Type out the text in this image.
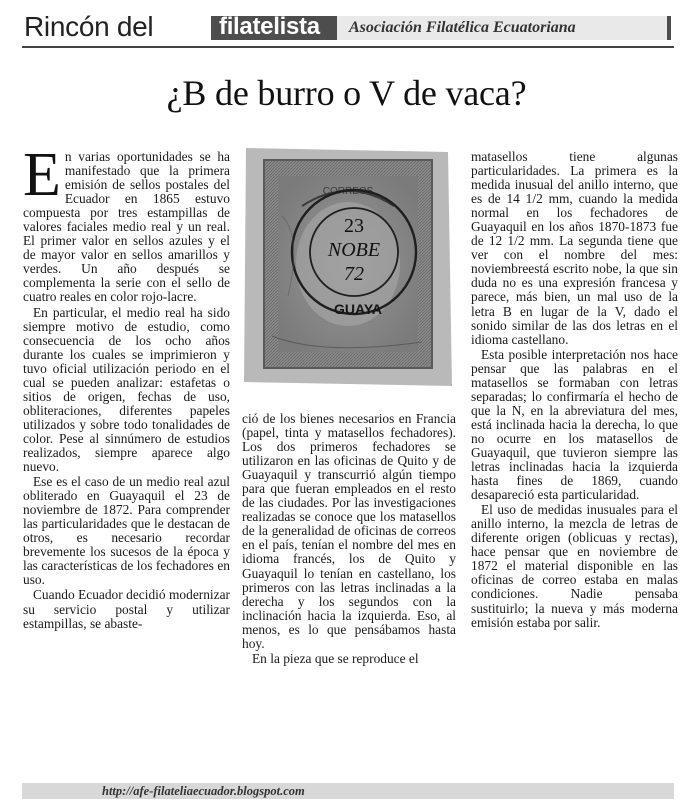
Rincón del	filatelista	Asociación Filatélica Ecuatoriana
¿B de burro o V de vaca?

En varias oportunidades se ha manifestado que la primera emisión de sellos postales del Ecuador en 1865 estuvo compuesta por tres estampillas de valores faciales medio real y un real. El primer valor en sellos azules y el de mayor valor en sellos amarillos y verdes. Un año después se complementa la serie con el sello de cuatro reales en color rojo-lacre.

En particular, el medio real ha sido siempre motivo de estudio, como consecuencia de los ocho años durante los cuales se imprimieron y tuvo oficial utilización periodo en el cual se pueden analizar: estafetas o sitios de origen, fechas de uso, obliteraciones, diferentes papeles utilizados y sobre todo tonalidades de color. Pese al sinnúmero de estudios realizados, siempre aparece algo nuevo.

Ese es el caso de un medio real azul obliterado en Guayaquil el 23 de noviembre de 1872. Para comprender las particularidades que le destacan de otros, es necesario recordar brevemente los sucesos de la época y las características de los fechadores en uso.

Cuando Ecuador decidió modernizar su servicio postal y utilizar estampillas, se abaste-

CORREOS
23
NOBE
72
GUAYA

ció de los bienes necesarios en Francia (papel, tinta y matasellos fechadores). Los dos primeros fechadores se utilizaron en las oficinas de Quito y de Guayaquil y transcurrió algún tiempo para que fueran empleados en el resto de las ciudades. Por las investigaciones realizadas se conoce que los matasellos de la generalidad de oficinas de correos en el país, tenían el nombre del mes en idioma francés, los de Quito y Guayaquil lo tenían en castellano, los primeros con las letras inclinadas a la derecha y los segundos con la inclinación hacia la izquierda. Eso, al menos, es lo que pensábamos hasta hoy.

En la pieza que se reproduce el

matasellos tiene algunas particularidades. La primera es la medida inusual del anillo interno, que es de 14 1/2 mm, cuando la medida normal en los fechadores de Guayaquil en los años 1870-1873 fue de 12 1/2 mm. La segunda tiene que ver con el nombre del mes: noviembreestá escrito nobe, la que sin duda no es una expresión francesa y parece, más bien, un mal uso de la letra B en lugar de la V, dado el sonido similar de las dos letras en el idioma castellano.

Esta posible interpretación nos hace pensar que las palabras en el matasellos se formaban con letras separadas; lo confirmaría el hecho de que la N, en la abreviatura del mes, está inclinada hacia la derecha, lo que no ocurre en los matasellos de Guayaquil, que tuvieron siempre las letras inclinadas hacia la izquierda hasta fines de 1869, cuando desapareció esta particularidad.

El uso de medidas inusuales para el anillo interno, la mezcla de letras de diferente origen (oblicuas y rectas), hace pensar que en noviembre de 1872 el material disponible en las oficinas de correo estaba en malas condiciones. Nadie pensaba sustituirlo; la nueva y más moderna emisión estaba por salir.

http://afe-filateliaecuador.blogspot.com
